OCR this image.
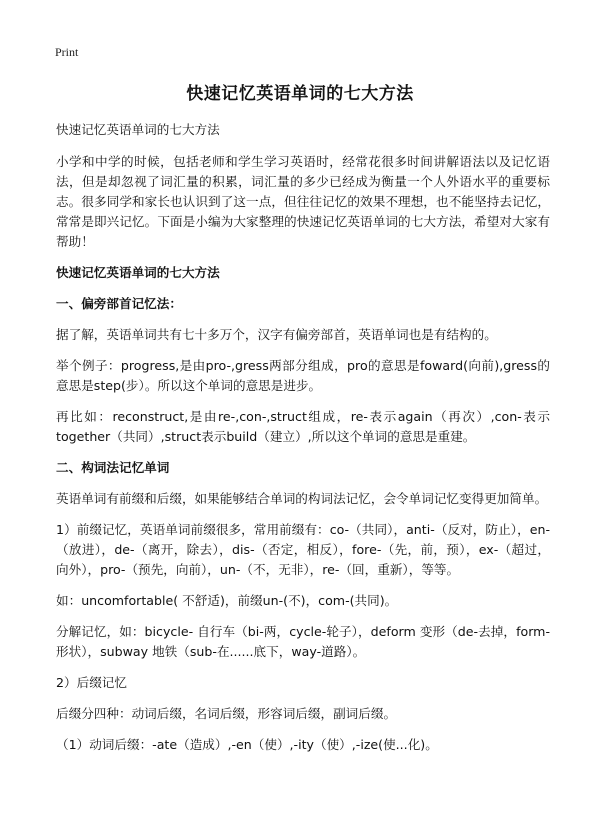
Print
快速记忆英语单词的七大方法

快速记忆英语单词的七大方法

小学和中学的时候，包括老师和学生学习英语时，经常花很多时间讲解语法以及记忆语法，但是却忽视了词汇量的积累，词汇量的多少已经成为衡量一个人外语水平的重要标志。很多同学和家长也认识到了这一点，但往往记忆的效果不理想，也不能坚持去记忆，常常是即兴记忆。下面是小编为大家整理的快速记忆英语单词的七大方法，希望对大家有帮助！

快速记忆英语单词的七大方法

一、偏旁部首记忆法：

据了解，英语单词共有七十多万个，汉字有偏旁部首，英语单词也是有结构的。

举个例子：progress,是由pro-,gress两部分组成，pro的意思是foward(向前),gress的意思是step(步）。所以这个单词的意思是进步。

再比如：reconstruct,是由re-,con-,struct组成，re-表示again（再次）,con-表示together（共同）,struct表示build（建立）,所以这个单词的意思是重建。

二、构词法记忆单词

英语单词有前缀和后缀，如果能够结合单词的构词法记忆，会令单词记忆变得更加简单。

1）前缀记忆，英语单词前缀很多，常用前缀有：co-（共同），anti-（反对，防止），en-（放进），de-（离开，除去），dis-（否定，相反），fore-（先，前，预），ex-（超过，向外），pro-（预先，向前），un-（不，无非），re-（回，重新），等等。

如：uncomfortable( 不舒适)，前缀un-(不)，com-(共同)。

分解记忆，如：bicycle- 自行车（bi-两，cycle-轮子），deform 变形（de-去掉，form-形状），subway 地铁（sub-在......底下，way-道路）。

2）后缀记忆

后缀分四种：动词后缀，名词后缀，形容词后缀，副词后缀。

（1）动词后缀：-ate（造成）,-en（使）,-ity（使）,-ize(使...化)。
